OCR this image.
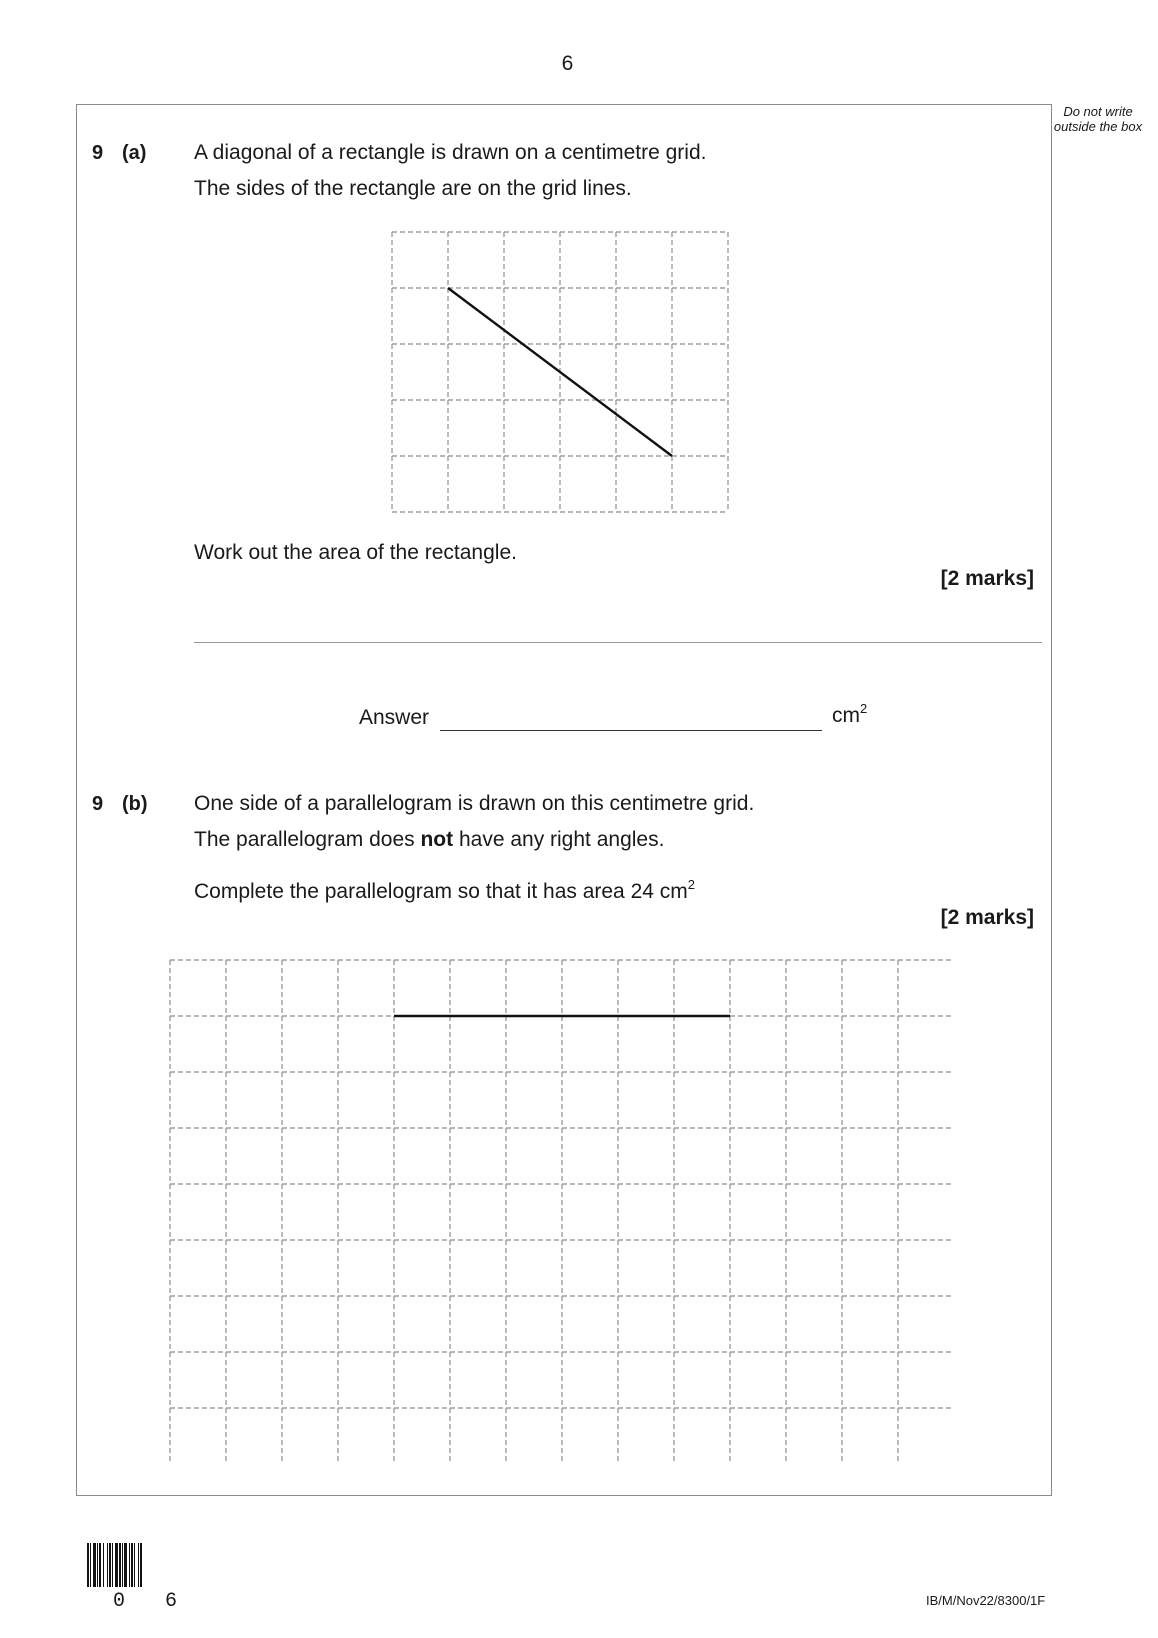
6
Do not write outside the box
9 (a) A diagonal of a rectangle is drawn on a centimetre grid.
The sides of the rectangle are on the grid lines.
Work out the area of the rectangle.
[2 marks]
Answer	$cm^2$
9 (b) One side of a parallelogram is drawn on this centimetre grid.
The parallelogram does not have any right angles.
Complete the parallelogram so that it has area 24 $cm^2$
[2 marks]
0 6	IB/M/Nov22/8300/1F
